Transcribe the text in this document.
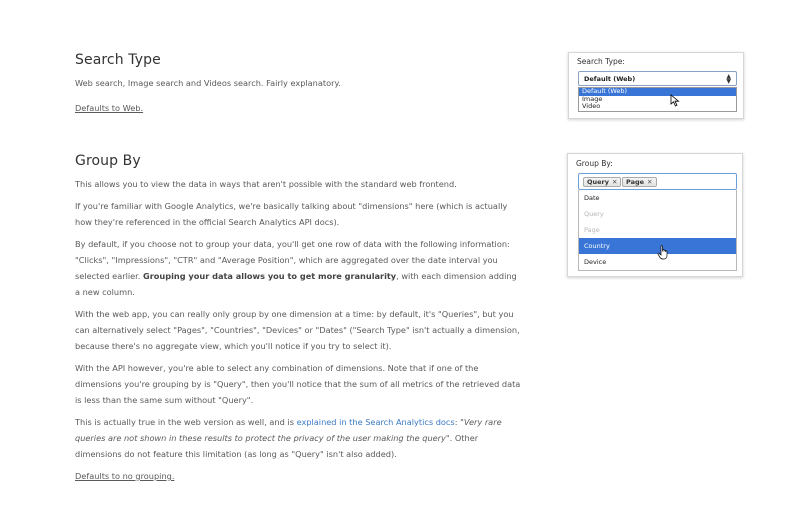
Search Type

Web search, Image search and Videos search. Fairly explanatory.

Defaults to Web.

Group By

This allows you to view the data in ways that aren't possible with the standard web frontend.

If you're familiar with Google Analytics, we're basically talking about "dimensions" here (which is actually how they're referenced in the official Search Analytics API docs).

By default, if you choose not to group your data, you'll get one row of data with the following information: "Clicks", "Impressions", "CTR" and "Average Position", which are aggregated over the date interval you selected earlier. Grouping your data allows you to get more granularity, with each dimension adding a new column.

With the web app, you can really only group by one dimension at a time: by default, it's "Queries", but you can alternatively select "Pages", "Countries", "Devices" or "Dates" ("Search Type" isn't actually a dimension, because there's no aggregate view, which you'll notice if you try to select it).

With the API however, you're able to select any combination of dimensions. Note that if one of the dimensions you're grouping by is "Query", then you'll notice that the sum of all metrics of the retrieved data is less than the same sum without "Query".

This is actually true in the web version as well, and is explained in the Search Analytics docs: "Very rare queries are not shown in these results to protect the privacy of the user making the query". Other dimensions do not feature this limitation (as long as "Query" isn't also added).

Defaults to no grouping.

Search Type:
Default (Web)	▲
▼
Default (Web)
Image
Video
Group By:
Query ✕	Page ✕
Date
Query
Page
Country
Device
